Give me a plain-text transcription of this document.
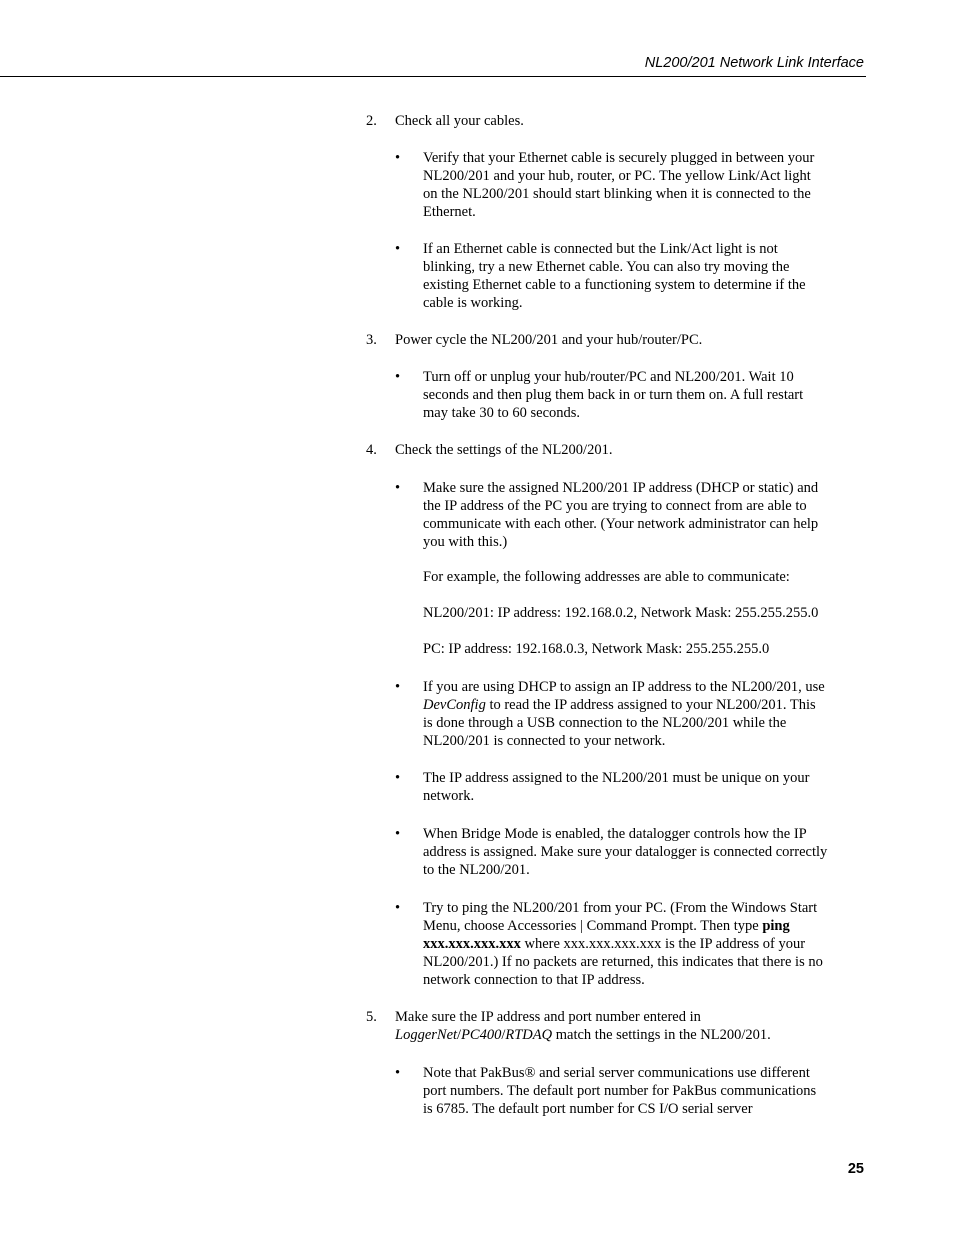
NL200/201 Network Link Interface
2. Check all your cables.
• Verify that your Ethernet cable is securely plugged in between your
NL200/201 and your hub, router, or PC. The yellow Link/Act light
on the NL200/201 should start blinking when it is connected to the
Ethernet.
• If an Ethernet cable is connected but the Link/Act light is not
blinking, try a new Ethernet cable. You can also try moving the
existing Ethernet cable to a functioning system to determine if the
cable is working.
3. Power cycle the NL200/201 and your hub/router/PC.
• Turn off or unplug your hub/router/PC and NL200/201. Wait 10
seconds and then plug them back in or turn them on. A full restart
may take 30 to 60 seconds.
4. Check the settings of the NL200/201.
• Make sure the assigned NL200/201 IP address (DHCP or static) and
the IP address of the PC you are trying to connect from are able to
communicate with each other. (Your network administrator can help
you with this.)
For example, the following addresses are able to communicate:
NL200/201: IP address: 192.168.0.2, Network Mask: 255.255.255.0
PC: IP address: 192.168.0.3, Network Mask: 255.255.255.0
• If you are using DHCP to assign an IP address to the NL200/201, use
DevConfig to read the IP address assigned to your NL200/201. This
is done through a USB connection to the NL200/201 while the
NL200/201 is connected to your network.
• The IP address assigned to the NL200/201 must be unique on your
network.
• When Bridge Mode is enabled, the datalogger controls how the IP
address is assigned. Make sure your datalogger is connected correctly
to the NL200/201.
• Try to ping the NL200/201 from your PC. (From the Windows Start
Menu, choose Accessories | Command Prompt. Then type ping
xxx.xxx.xxx.xxx where xxx.xxx.xxx.xxx is the IP address of your
NL200/201.) If no packets are returned, this indicates that there is no
network connection to that IP address.
5. Make sure the IP address and port number entered in
LoggerNet/PC400/RTDAQ match the settings in the NL200/201.
• Note that PakBus® and serial server communications use different
port numbers. The default port number for PakBus communications
is 6785. The default port number for CS I/O serial server
25
